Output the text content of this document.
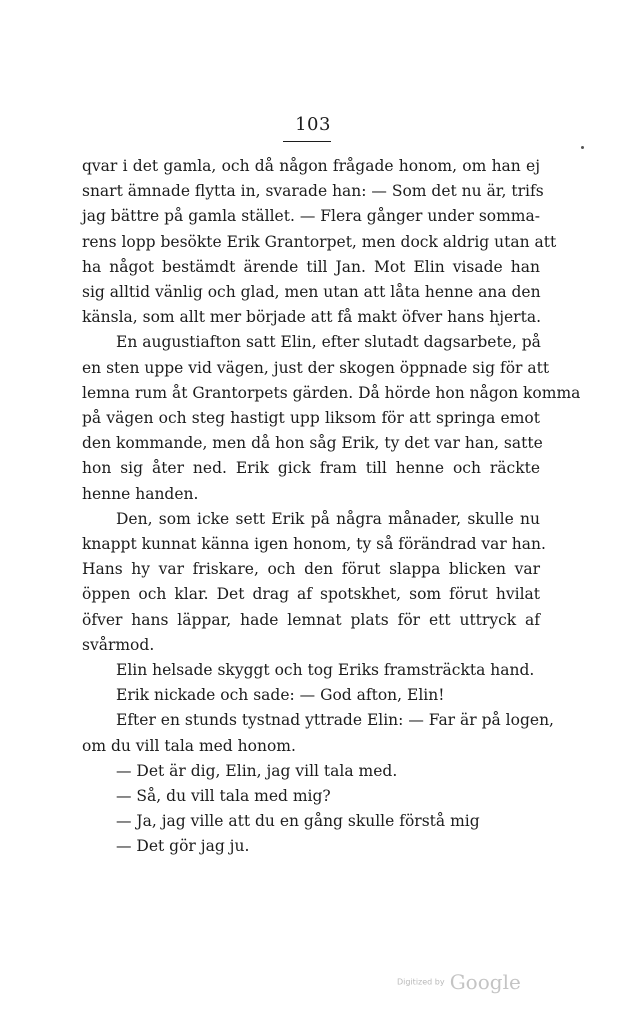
103
qvar i det gamla, och då någon frågade honom, om han ej
snart ämnade flytta in, svarade han: — Som det nu är, trifs
jag bättre på gamla stället. — Flera gånger under somma-
rens lopp besökte Erik Grantorpet, men dock aldrig utan att
ha något bestämdt ärende till Jan. Mot Elin visade han
sig alltid vänlig och glad, men utan att låta henne ana den
känsla, som allt mer började att få makt öfver hans hjerta.
En augustiafton satt Elin, efter slutadt dagsarbete, på
en sten uppe vid vägen, just der skogen öppnade sig för att
lemna rum åt Grantorpets gärden. Då hörde hon någon komma
på vägen och steg hastigt upp liksom för att springa emot
den kommande, men då hon såg Erik, ty det var han, satte
hon sig åter ned. Erik gick fram till henne och räckte
henne handen.
Den, som icke sett Erik på några månader, skulle nu
knappt kunnat känna igen honom, ty så förändrad var han.
Hans hy var friskare, och den förut slappa blicken var
öppen och klar. Det drag af spotskhet, som förut hvilat
öfver hans läppar, hade lemnat plats för ett uttryck af
svårmod.
Elin helsade skyggt och tog Eriks framsträckta hand.
Erik nickade och sade: — God afton, Elin!
Efter en stunds tystnad yttrade Elin: — Far är på logen,
om du vill tala med honom.
— Det är dig, Elin, jag vill tala med.
— Så, du vill tala med mig?
— Ja, jag ville att du en gång skulle förstå mig
— Det gör jag ju.
Digitized by Google
